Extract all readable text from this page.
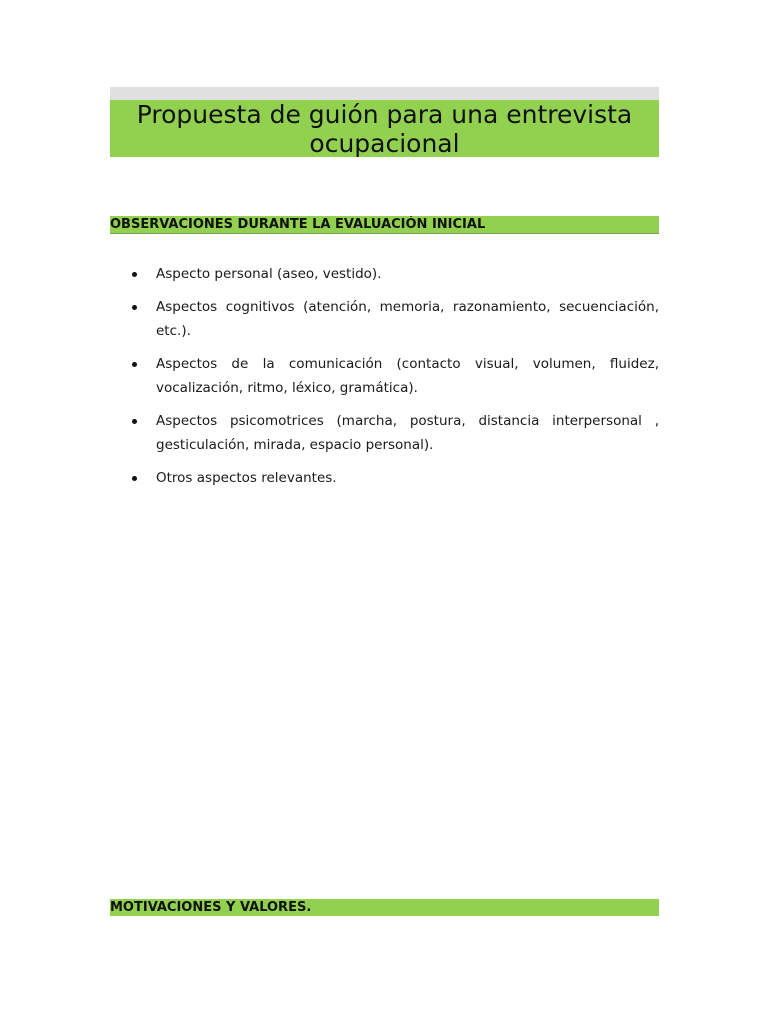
Propuesta de guión para una entrevista ocupacional
OBSERVACIONES DURANTE LA EVALUACIÓN INICIAL
Aspecto personal (aseo, vestido).
Aspectos cognitivos (atención, memoria, razonamiento, secuenciación, etc.).
Aspectos de la comunicación (contacto visual, volumen, fluidez, vocalización, ritmo, léxico, gramática).
Aspectos psicomotrices (marcha, postura, distancia interpersonal , gesticulación, mirada, espacio personal).
Otros aspectos relevantes.
MOTIVACIONES Y VALORES.
